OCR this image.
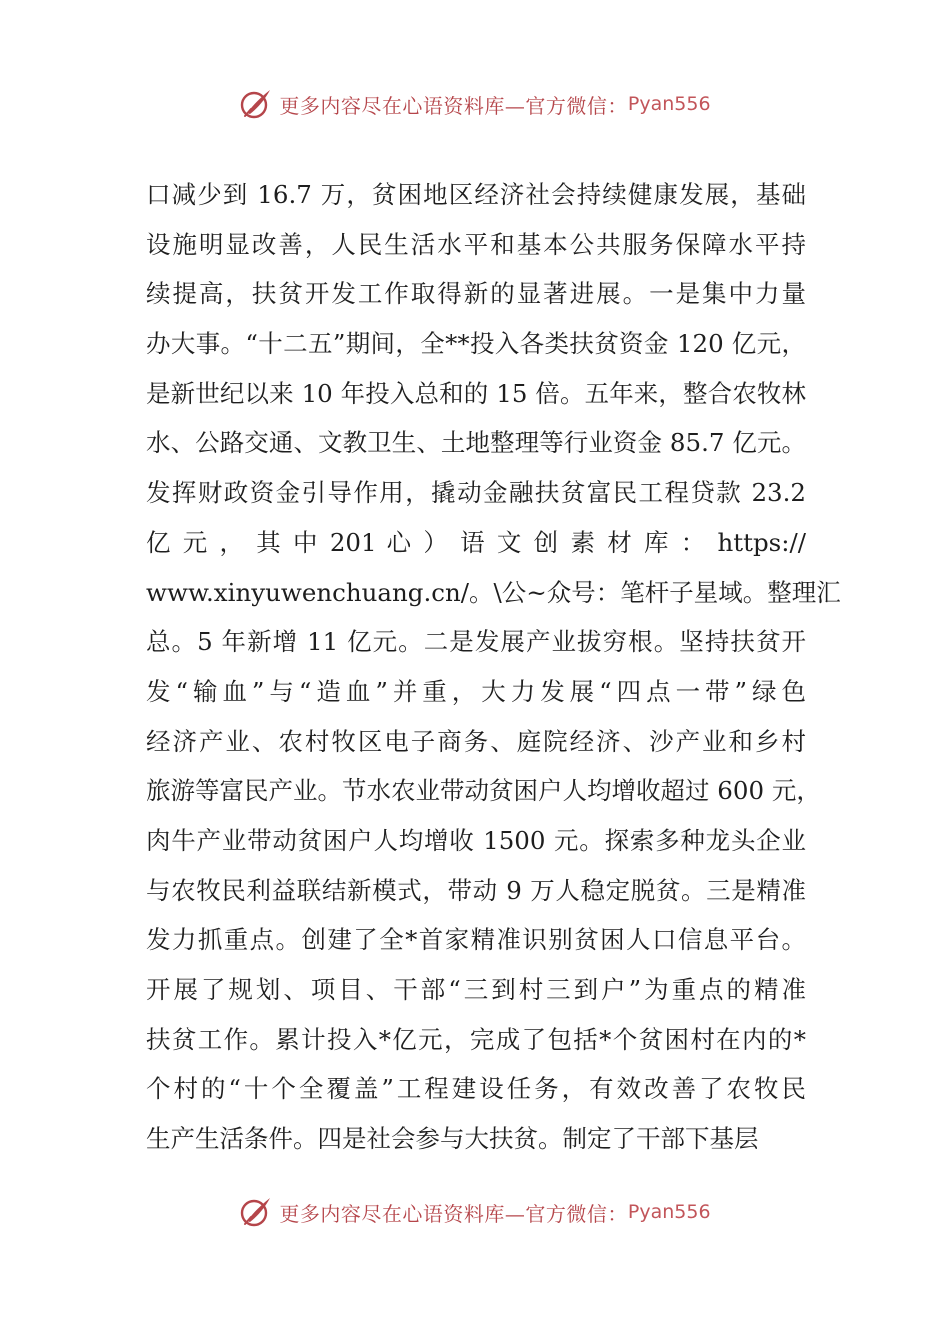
更多内容尽在心语资料库—官方微信： Pyan556
口减少到 16.7 万，贫困地区经济社会持续健康发展，基础
设施明显改善，人民生活水平和基本公共服务保障水平持
续提高，扶贫开发工作取得新的显著进展。一是集中力量
办大事。“十二五”期间，全**投入各类扶贫资金 120 亿元，
是新世纪以来 10 年投入总和的 15 倍。五年来，整合农牧林
水、公路交通、文教卫生、土地整理等行业资金 85.7 亿元。
发挥财政资金引导作用，撬动金融扶贫富民工程贷款 23.2
亿 元 ， 其 中 201 心 ） 语 文 创 素 材 库 ： https://
www.xinyuwenchuang.cn/。\公~众号：笔杆子星域。整理汇
总。5 年新增 11 亿元。二是发展产业拔穷根。坚持扶贫开
发“输血”与“造血”并重，大力发展“四点一带”绿色
经济产业、农村牧区电子商务、庭院经济、沙产业和乡村
旅游等富民产业。节水农业带动贫困户人均增收超过 600 元，
肉牛产业带动贫困户人均增收 1500 元。探索多种龙头企业
与农牧民利益联结新模式，带动 9 万人稳定脱贫。三是精准
发力抓重点。创建了全*首家精准识别贫困人口信息平台。
开展了规划、项目、干部“三到村三到户”为重点的精准
扶贫工作。累计投入*亿元，完成了包括*个贫困村在内的*
个村的“十个全覆盖”工程建设任务，有效改善了农牧民
生产生活条件。四是社会参与大扶贫。制定了干部下基层
更多内容尽在心语资料库—官方微信： Pyan556
